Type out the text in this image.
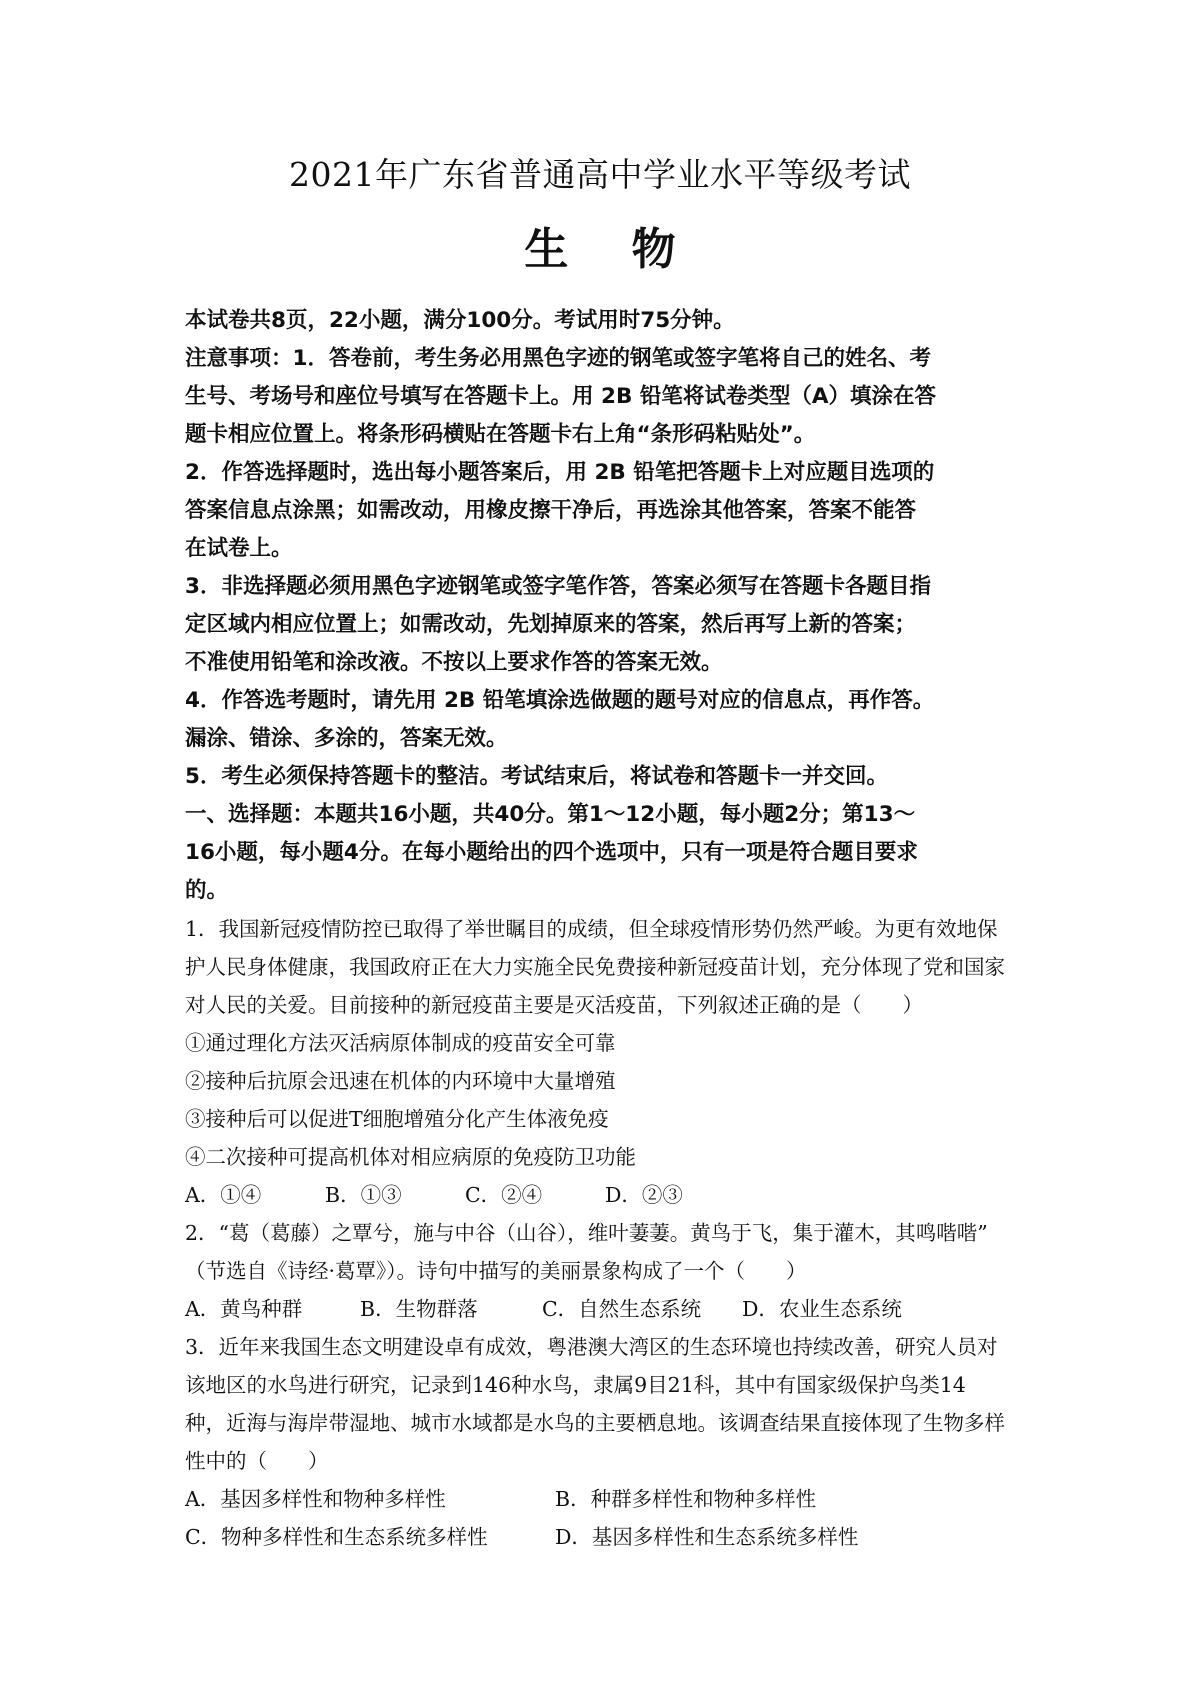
2021年广东省普通高中学业水平等级考试
生 物

本试卷共8页，22小题，满分100分。考试用时75分钟。

注意事项：1．答卷前，考生务必用黑色字迹的钢笔或签字笔将自己的姓名、考

生号、考场号和座位号填写在答题卡上。用 2B 铅笔将试卷类型（A）填涂在答

题卡相应位置上。将条形码横贴在答题卡右上角“条形码粘贴处”。

2．作答选择题时，选出每小题答案后，用 2B 铅笔把答题卡上对应题目选项的

答案信息点涂黑；如需改动，用橡皮擦干净后，再选涂其他答案，答案不能答

在试卷上。

3．非选择题必须用黑色字迹钢笔或签字笔作答，答案必须写在答题卡各题目指

定区域内相应位置上；如需改动，先划掉原来的答案，然后再写上新的答案；

不准使用铅笔和涂改液。不按以上要求作答的答案无效。

4．作答选考题时，请先用 2B 铅笔填涂选做题的题号对应的信息点，再作答。

漏涂、错涂、多涂的，答案无效。

5．考生必须保持答题卡的整洁。考试结束后，将试卷和答题卡一并交回。

一、选择题：本题共16小题，共40分。第1～12小题，每小题2分；第13～

16小题，每小题4分。在每小题给出的四个选项中，只有一项是符合题目要求

的。

1．我国新冠疫情防控已取得了举世瞩目的成绩，但全球疫情形势仍然严峻。为更有效地保

护人民身体健康，我国政府正在大力实施全民免费接种新冠疫苗计划，充分体现了党和国家

对人民的关爱。目前接种的新冠疫苗主要是灭活疫苗，下列叙述正确的是（　　）

①通过理化方法灭活病原体制成的疫苗安全可靠

②接种后抗原会迅速在机体的内环境中大量增殖

③接种后可以促进T细胞增殖分化产生体液免疫

④二次接种可提高机体对相应病原的免疫防卫功能

A．①④	B．①③	C．②④	D．②③

2．“葛（葛藤）之覃兮，施与中谷（山谷），维叶萋萋。黄鸟于飞，集于灌木，其鸣喈喈”

（节选自《诗经·葛覃》）。诗句中描写的美丽景象构成了一个（　　）

A．黄鸟种群	B．生物群落	C．自然生态系统	D．农业生态系统

3．近年来我国生态文明建设卓有成效，粤港澳大湾区的生态环境也持续改善，研究人员对

该地区的水鸟进行研究，记录到146种水鸟，隶属9目21科，其中有国家级保护鸟类14

种，近海与海岸带湿地、城市水域都是水鸟的主要栖息地。该调查结果直接体现了生物多样

性中的（　　）

A．基因多样性和物种多样性	B．种群多样性和物种多样性
C．物种多样性和生态系统多样性	D．基因多样性和生态系统多样性
